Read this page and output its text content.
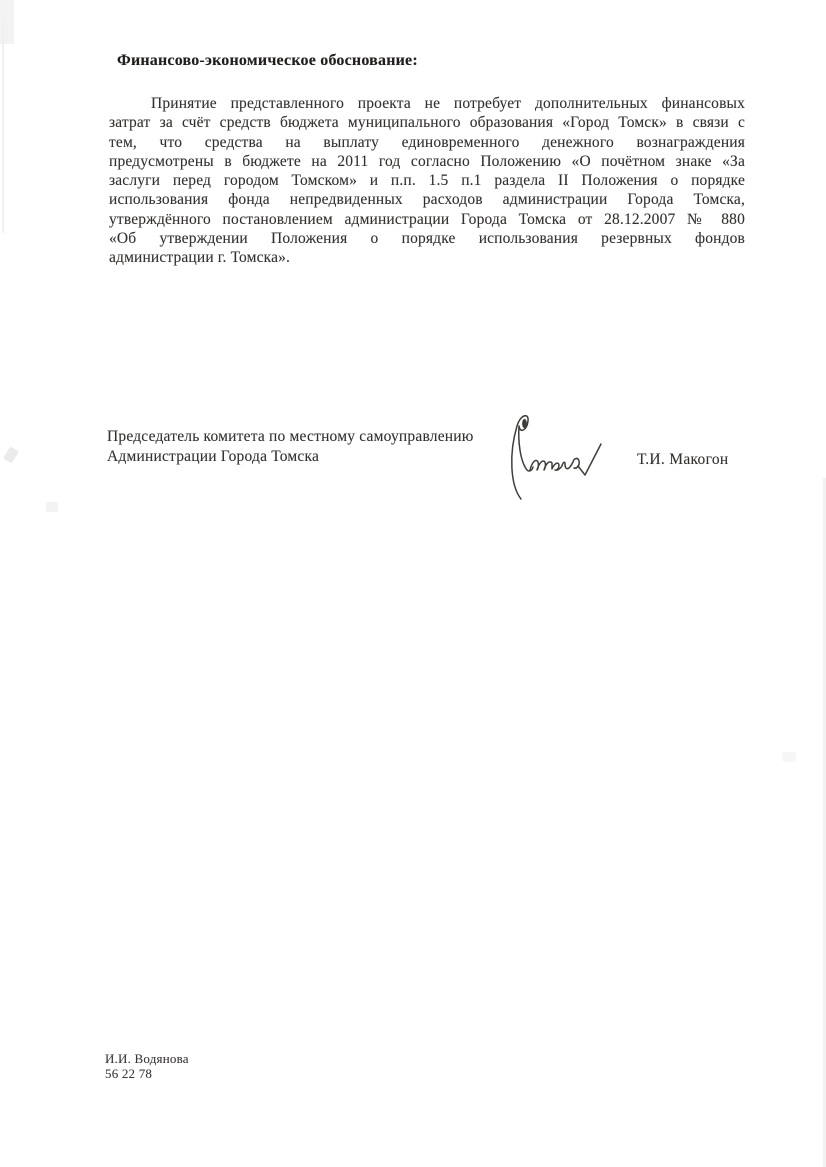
Финансово-экономическое обоснование:
Принятие представленного проекта не потребует дополнительных финансовых
затрат за счёт средств бюджета муниципального образования «Город Томск» в связи с
тем, что средства на выплату единовременного денежного вознаграждения
предусмотрены в бюджете на 2011 год согласно Положению «О почётном знаке «За
заслуги перед городом Томском» и п.п. 1.5 п.1 раздела II Положения о порядке
использования фонда непредвиденных расходов администрации Города Томска,
утверждённого постановлением администрации Города Томска от 28.12.2007 № 880
«Об утверждении Положения о порядке использования резервных фондов
администрации г. Томска».
Председатель комитета по местному самоуправлению
Администрации Города Томска	Т.И. Макогон
И.И. Водянова
56 22 78
